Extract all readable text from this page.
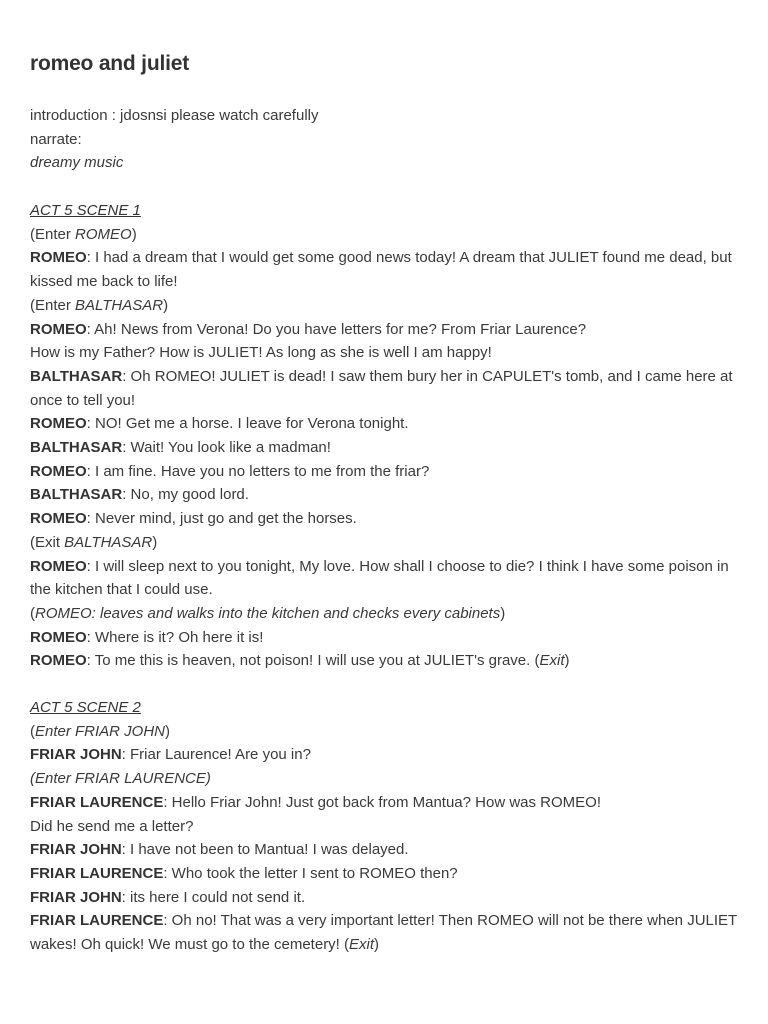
romeo and juliet
introduction : jdosnsi please watch carefully
narrate:
dreamy music
ACT 5 SCENE 1
(Enter ROMEO)
ROMEO: I had a dream that I would get some good news today! A dream that JULIET found me dead, but kissed me back to life!
(Enter BALTHASAR)
ROMEO: Ah! News from Verona! Do you have letters for me? From Friar Laurence?
How is my Father? How is JULIET! As long as she is well I am happy!
BALTHASAR: Oh ROMEO! JULIET is dead! I saw them bury her in CAPULET's tomb, and I came here at once to tell you!
ROMEO: NO! Get me a horse. I leave for Verona tonight.
BALTHASAR: Wait! You look like a madman!
ROMEO: I am fine. Have you no letters to me from the friar?
BALTHASAR: No, my good lord.
ROMEO: Never mind, just go and get the horses.
(Exit BALTHASAR)
ROMEO: I will sleep next to you tonight, My love. How shall I choose to die? I think I have some poison in the kitchen that I could use.
(ROMEO: leaves and walks into the kitchen and checks every cabinets)
ROMEO: Where is it? Oh here it is!
ROMEO: To me this is heaven, not poison! I will use you at JULIET's grave. (Exit)
ACT 5 SCENE 2
(Enter FRIAR JOHN)
FRIAR JOHN: Friar Laurence! Are you in?
(Enter FRIAR LAURENCE)
FRIAR LAURENCE: Hello Friar John! Just got back from Mantua? How was ROMEO!
Did he send me a letter?
FRIAR JOHN: I have not been to Mantua! I was delayed.
FRIAR LAURENCE: Who took the letter I sent to ROMEO then?
FRIAR JOHN: its here I could not send it.
FRIAR LAURENCE: Oh no! That was a very important letter! Then ROMEO will not be there when JULIET wakes! Oh quick! We must go to the cemetery! (Exit)
